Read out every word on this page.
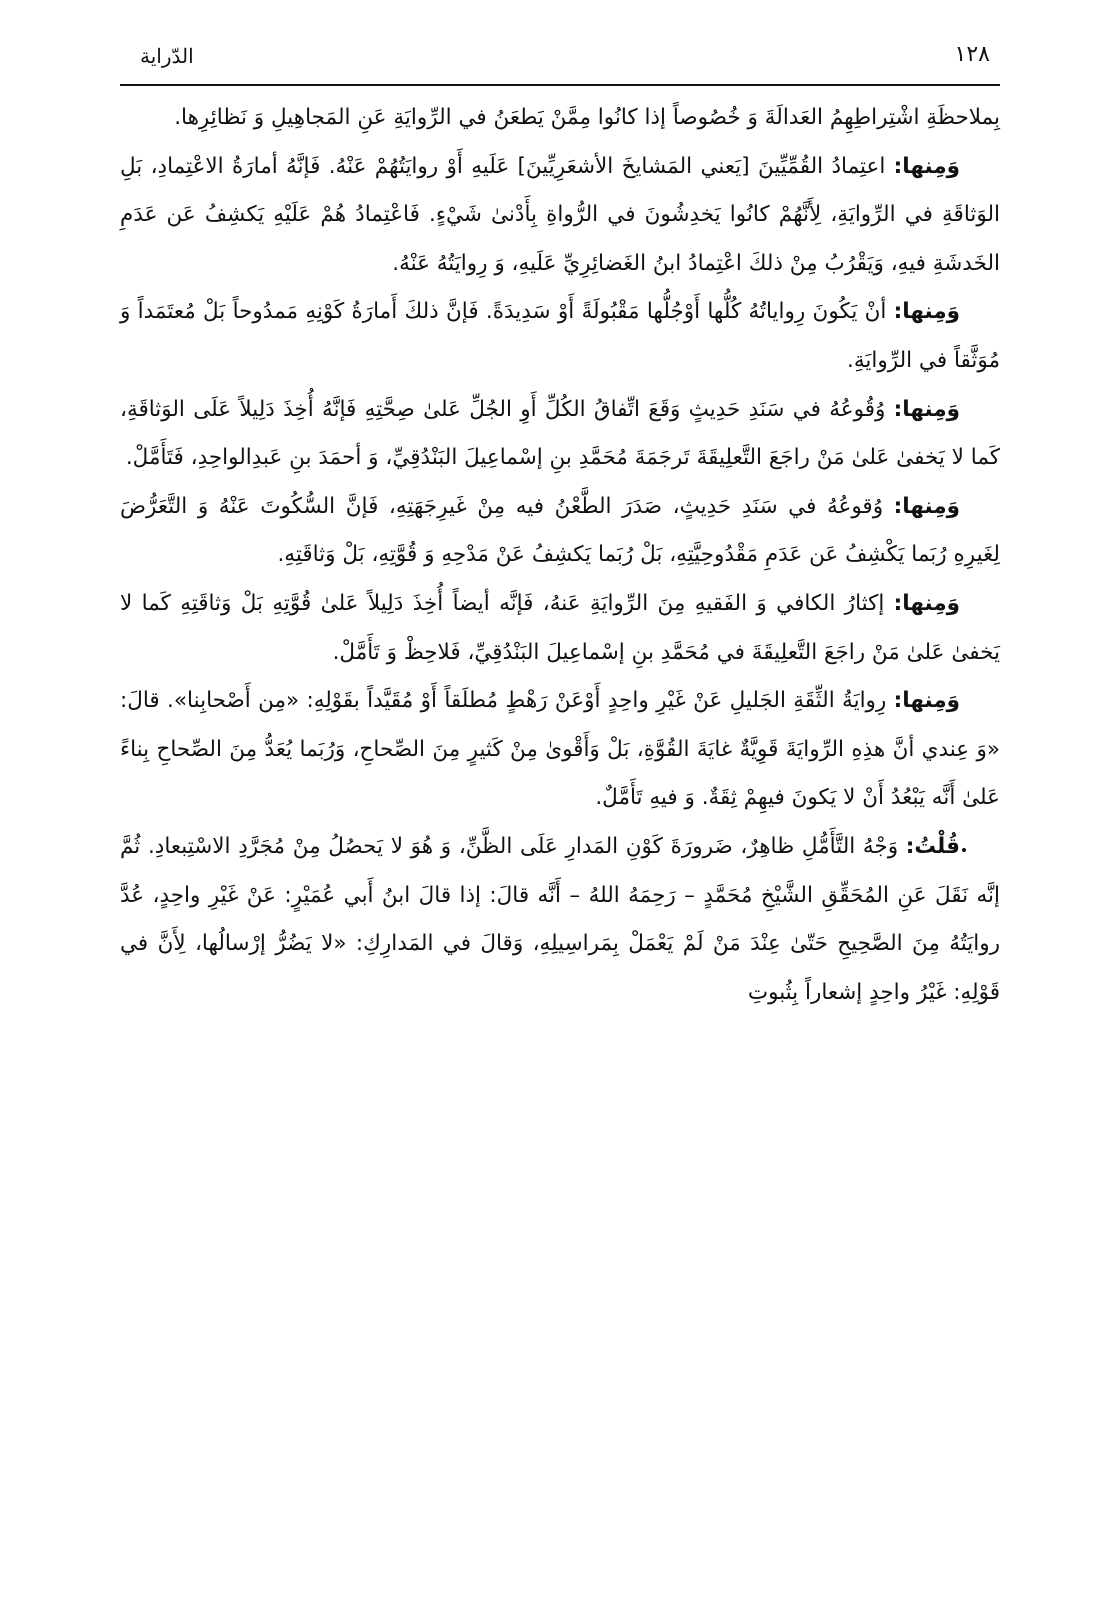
الدّراية	١٢٨

بِملاحظَةِ اشْتِراطِهِمُ العَدالَةَ وَ خُصُوصاً إذا كانُوا مِمَّنْ يَطعَنُ في الرِّوايَةِ عَنِ المَجاهِيلِ وَ نَظائِرِها.

وَمِنها: اعتِمادُ القُمِّيِّينَ [يَعني المَشايخَ الأشعَرِيِّينَ] عَلَيهِ أَوْ روايَتُهُمْ عَنْهُ. فَإنَّهُ أمارَةُ الاعْتِمادِ، بَلِ الوَثاقَةِ في الرِّوايَةِ، لِأَنَّهُمْ كانُوا يَخدِشُونَ في الرُّواةِ بِأَدْنىٰ شَيْءٍ. فَاعْتِمادُ هُمْ عَلَيْهِ يَكشِفُ عَن عَدَمِ الخَدشَةِ فيهِ، وَيَقْرُبُ مِنْ ذلكَ اعْتِمادُ ابنُ الغَضائِرِيِّ عَلَيهِ، وَ رِوايَتُهُ عَنْهُ.

وَمِنها: أنْ يَكُونَ رِواياتُهُ كُلُّها أَوْجُلُّها مَقْبُولَةً أَوْ سَدِيدَةً. فَإنَّ ذلكَ أَمارَةُ كَوْنِهِ مَمدُوحاً بَلْ مُعتَمَداً وَ مُوَثَّقاً في الرِّوايَةِ.

وَمِنها: وُقُوعُهُ في سَنَدِ حَدِيثٍ وَقَعَ اتِّفاقُ الكُلِّ أَوِ الجُلِّ عَلىٰ صِحَّتِهِ فَإنَّهُ أُخِذَ دَلِيلاً عَلَى الوَثاقَةِ، كَما لا يَخفىٰ عَلىٰ مَنْ راجَعَ التَّعلِيقَةَ تَرجَمَةَ مُحَمَّدِ بنِ إسْماعِيلَ البَنْدُقِيِّ، وَ أحمَدَ بنِ عَبدِالواحِدِ، فَتَأَمَّلْ.

وَمِنها: وُقوعُهُ في سَنَدِ حَدِيثٍ، صَدَرَ الطَّعْنُ فيه مِنْ غَيرِجَهَتِهِ، فَإنَّ السُّكُوتَ عَنْهُ وَ التَّعَرُّضَ لِغَيرِهِ رُبَما يَكْشِفُ عَن عَدَمِ مَقْدُوحِيَّتِهِ، بَلْ رُبَما يَكشِفُ عَنْ مَدْحِهِ وَ قُوَّتِهِ، بَلْ وَثاقَتِهِ.

وَمِنها: إكثارُ الكافي وَ الفَقيهِ مِنَ الرِّوايَةِ عَنهُ، فَإنَّه أيضاً أُخِذَ دَلِيلاً عَلىٰ قُوَّتِهِ بَلْ وَثاقَتِهِ كَما لا يَخفىٰ عَلىٰ مَنْ راجَعَ التَّعلِيقَةَ في مُحَمَّدِ بنِ إسْماعِيلَ البَنْدُقِيِّ، فَلاحِظْ وَ تَأَمَّلْ.

وَمِنها: رِوايَةُ الثِّقَةِ الجَليلِ عَنْ غَيْرِ واحِدٍ أَوْعَنْ رَهْطٍ مُطلَقاً أَوْ مُقَيَّداً بقَوْلِهِ: «مِن أَصْحابِنا». قالَ: «وَ عِندي أنَّ هذِهِ الرِّوايَةَ قَوِيَّةٌ غايَةَ القُوَّةِ، بَلْ وَأَقْوىٰ مِنْ كَثيرٍ مِنَ الصِّحاحِ، وَرُبَما يُعَدُّ مِنَ الصِّحاحِ بِناءً عَلىٰ أَنَّه يَبْعُدُ أَنْ لا يَكونَ فيهِمْ ثِقَةٌ. وَ فيهِ تَأَمَّلٌ.

قُلْتُ: وَجْهُ التَّأَمُّلِ ظاهِرٌ، ضَرورَةَ كَوْنِ المَدارِ عَلَى الظَّنِّ، وَ هُوَ لا يَحصُلُ مِنْ مُجَرَّدِ الاسْتِبعادِ. ثُمَّ إنَّه نَقَلَ عَنِ المُحَقِّقِ الشَّيْخِ مُحَمَّدٍ – رَحِمَهُ اللهُ – أَنَّه قالَ: إذا قالَ ابنُ أَبي عُمَيْرٍ: عَنْ غَيْرِ واحِدٍ، عُدَّ روايَتُهُ مِنَ الصَّحِيحِ حَتّىٰ عِنْدَ مَنْ لَمْ يَعْمَلْ بِمَراسِيلِهِ، وَقالَ في المَدارِكِ: «لا يَضُرُّ إرْسالُها، لِأَنَّ في قَوْلِهِ: غَيْرُ واحِدٍ إشعاراً بِثُبوتِ
